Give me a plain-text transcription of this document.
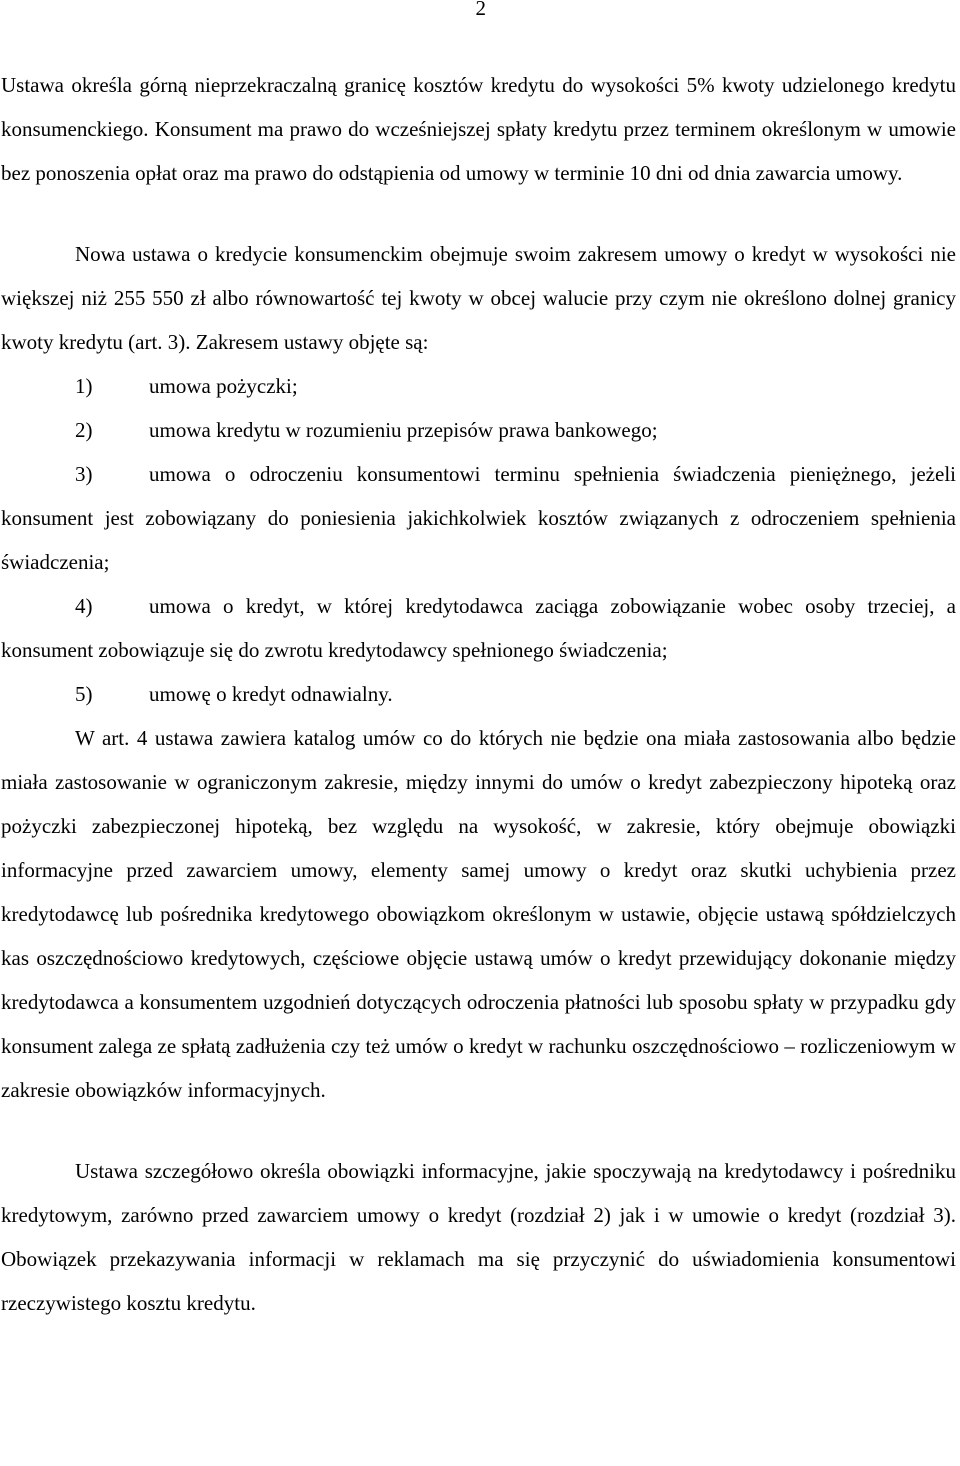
2

Ustawa określa górną nieprzekraczalną granicę kosztów kredytu do wysokości 5% kwoty udzielonego kredytu konsumenckiego. Konsument ma prawo do wcześniejszej spłaty kredytu przez terminem określonym w umowie bez ponoszenia opłat oraz ma prawo do odstąpienia od umowy w terminie 10 dni od dnia zawarcia umowy.

Nowa ustawa o kredycie konsumenckim obejmuje swoim zakresem umowy o kredyt w wysokości nie większej niż 255 550 zł albo równowartość tej kwoty w obcej walucie przy czym nie określono dolnej granicy kwoty kredytu (art. 3). Zakresem ustawy objęte są:

1)	umowa pożyczki;
2)	umowa kredytu w rozumieniu przepisów prawa bankowego;
3)	umowa o odroczeniu konsumentowi terminu spełnienia świadczenia pieniężnego, jeżeli konsument jest zobowiązany do poniesienia jakichkolwiek kosztów związanych z odroczeniem spełnienia świadczenia;
4)	umowa o kredyt, w której kredytodawca zaciąga zobowiązanie wobec osoby trzeciej, a konsument zobowiązuje się do zwrotu kredytodawcy spełnionego świadczenia;
5)	umowę o kredyt odnawialny.

W art. 4 ustawa zawiera katalog umów co do których nie będzie ona miała zastosowania albo będzie miała zastosowanie w ograniczonym zakresie, między innymi do umów o kredyt zabezpieczony hipoteką oraz pożyczki zabezpieczonej hipoteką, bez względu na wysokość, w zakresie, który obejmuje obowiązki informacyjne przed zawarciem umowy, elementy samej umowy o kredyt oraz skutki uchybienia przez kredytodawcę lub pośrednika kredytowego obowiązkom określonym w ustawie, objęcie ustawą spółdzielczych kas oszczędnościowo kredytowych, częściowe objęcie ustawą umów o kredyt przewidujący dokonanie między kredytodawca a konsumentem uzgodnień dotyczących odroczenia płatności lub sposobu spłaty w przypadku gdy konsument zalega ze spłatą zadłużenia czy też umów o kredyt w rachunku oszczędnościowo – rozliczeniowym w zakresie obowiązków informacyjnych.

Ustawa szczegółowo określa obowiązki informacyjne, jakie spoczywają na kredytodawcy i pośredniku kredytowym, zarówno przed zawarciem umowy o kredyt (rozdział 2) jak i w umowie o kredyt (rozdział 3). Obowiązek przekazywania informacji w reklamach ma się przyczynić do uświadomienia konsumentowi rzeczywistego kosztu kredytu.
